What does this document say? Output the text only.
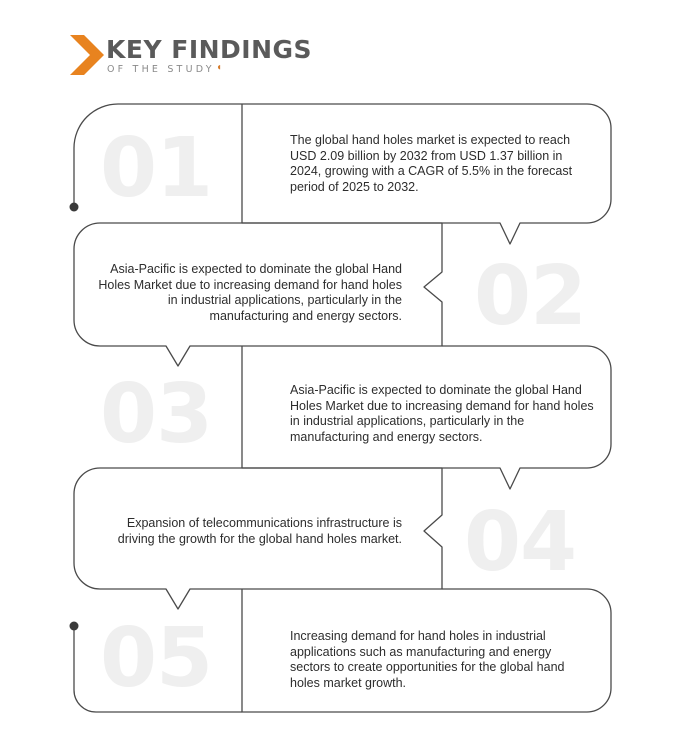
KEY FINDINGS
OF THE STUDY ◖
01
02
03
04
05
The global hand holes market is expected to reach USD 2.09 billion by 2032 from USD 1.37 billion in 2024, growing with a CAGR of 5.5% in the forecast period of 2025 to 2032.
Asia-Pacific is expected to dominate the global Hand Holes Market due to increasing demand for hand holes in industrial applications, particularly in the manufacturing and energy sectors.
Asia-Pacific is expected to dominate the global Hand Holes Market due to increasing demand for hand holes in industrial applications, particularly in the manufacturing and energy sectors.
Expansion of telecommunications infrastructure is driving the growth for the global hand holes market.
Increasing demand for hand holes in industrial applications such as manufacturing and energy sectors to create opportunities for the global hand holes market growth.
